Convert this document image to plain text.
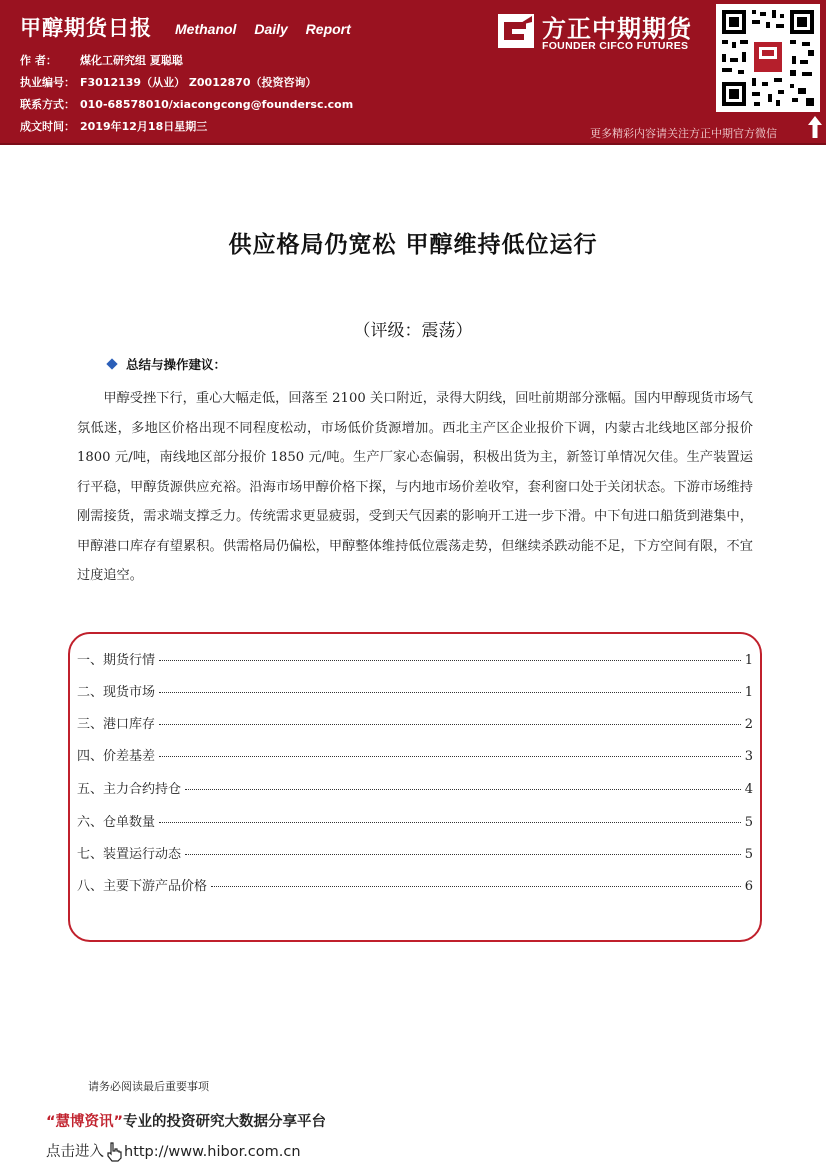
甲醇期货日报 Methanol Daily Report
作 者： 煤化工研究组 夏聪聪
执业编号： F3012139（从业） Z0012870（投资咨询）
联系方式： 010-68578010/xiacongcong@foundersc.com
成文时间： 2019年12月18日星期三
方正中期期货
FOUNDER CIFCO FUTURES
更多精彩内容请关注方正中期官方微信
供应格局仍宽松 甲醇维持低位运行
（评级：震荡）
总结与操作建议：
甲醇受挫下行，重心大幅走低，回落至 2100 关口附近，录得大阴线，回吐前期部分涨幅。国内甲醇现货市场气氛低迷，多地区价格出现不同程度松动，市场低价货源增加。西北主产区企业报价下调，内蒙古北线地区部分报价 1800 元/吨，南线地区部分报价 1850 元/吨。生产厂家心态偏弱，积极出货为主，新签订单情况欠佳。生产装置运行平稳，甲醇货源供应充裕。沿海市场甲醇价格下探，与内地市场价差收窄，套利窗口处于关闭状态。下游市场维持刚需接货，需求端支撑乏力。传统需求更显疲弱，受到天气因素的影响开工进一步下滑。中下旬进口船货到港集中，甲醇港口库存有望累积。供需格局仍偏松，甲醇整体维持低位震荡走势，但继续杀跌动能不足，下方空间有限，不宜过度追空。
一、期货行情	1
二、现货市场	1
三、港口库存	2
四、价差基差	3
五、主力合约持仓	4
六、仓单数量	5
七、装置运行动态	5
八、主要下游产品价格	6
请务必阅读最后重要事项
“慧博资讯”专业的投资研究大数据分享平台
点击进入 http://www.hibor.com.cn
